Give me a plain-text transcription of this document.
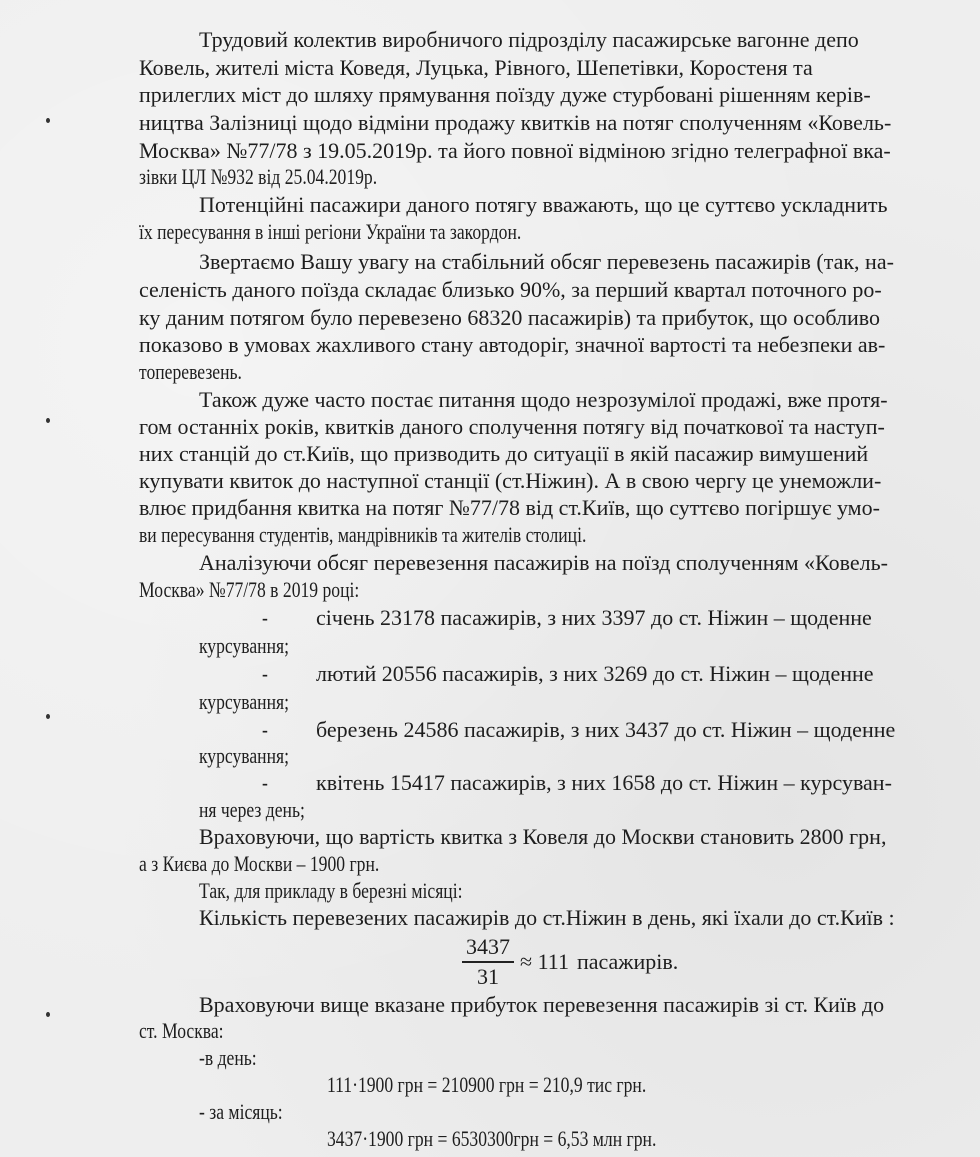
Трудовий колектив виробничого підрозділу пасажирське вагонне депо
Ковель, жителі міста Коведя, Луцька, Рівного, Шепетівки, Коростеня та
прилеглих міст до шляху прямування поїзду дуже стурбовані рішенням керів-
ництва Залізниці щодо відміни продажу квитків на потяг сполученням «Ковель-
Москва» №77/78 з 19.05.2019р. та його повної відміною згідно телеграфної вка-
зівки ЦЛ №932 від 25.04.2019р.
Потенційні пасажири даного потягу вважають, що це суттєво ускладнить
їх пересування в інші регіони України та закордон.
Звертаємо Вашу увагу на стабільний обсяг перевезень пасажирів (так, на-
селеність даного поїзда складає близько 90%, за перший квартал поточного ро-
ку даним потягом було перевезено 68320 пасажирів) та прибуток, що особливо
показово в умовах жахливого стану автодоріг, значної вартості та небезпеки ав-
топеревезень.
Також дуже часто постає питання щодо незрозумілої продажі, вже протя-
гом останніх років, квитків даного сполучення потягу від початкової та наступ-
них станцій до ст.Київ, що призводить до ситуації в якій пасажир вимушений
купувати квиток до наступної станції (ст.Ніжин). А в свою чергу це унеможли-
влює придбання квитка на потяг №77/78 від ст.Київ, що суттєво погіршує умо-
ви пересування студентів, мандрівників та жителів столиці.
Аналізуючи обсяг перевезення пасажирів на поїзд сполученням «Ковель-
Москва» №77/78 в 2019 році:
- січень 23178 пасажирів, з них 3397 до ст. Ніжин – щоденне
курсування;
- лютий 20556 пасажирів, з них 3269 до ст. Ніжин – щоденне
курсування;
- березень 24586 пасажирів, з них 3437 до ст. Ніжин – щоденне
курсування;
- квітень 15417 пасажирів, з них 1658 до ст. Ніжин – курсуван-
ня через день;
Враховуючи, що вартість квитка з Ковеля до Москви становить 2800 грн,
а з Києва до Москви – 1900 грн.
Так, для прикладу в березні місяці:
Кількість перевезених пасажирів до ст.Ніжин в день, які їхали до ст.Київ :
$\frac{3437}{31} \approx 111$ пасажирів.
Враховуючи вище вказане прибуток перевезення пасажирів зі ст. Київ до
ст. Москва:
-в день:
111·1900 грн = 210900 грн = 210,9 тис грн.
- за місяць:
3437·1900 грн = 6530300грн = 6,53 млн грн.
